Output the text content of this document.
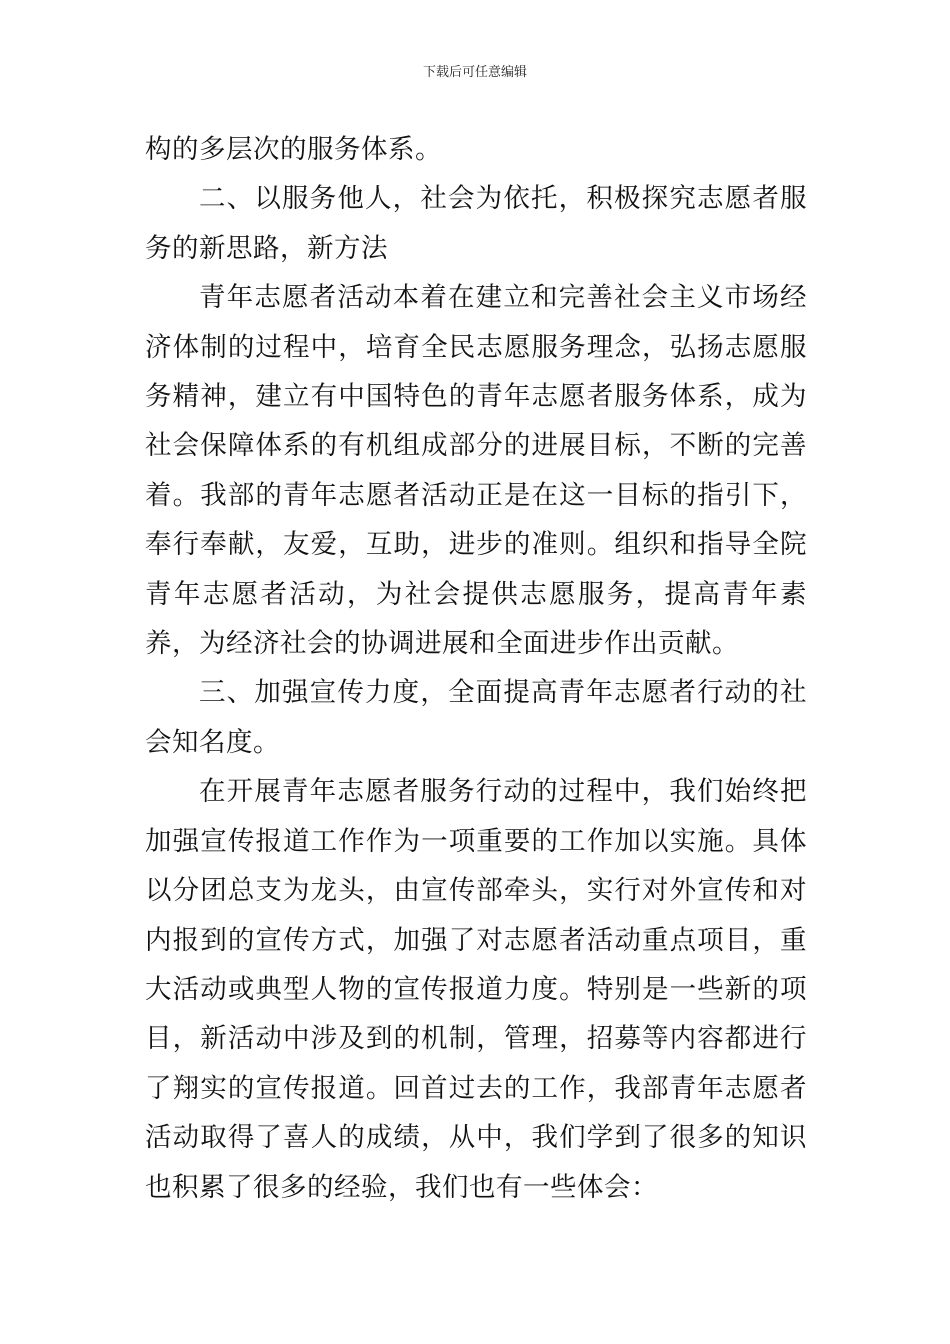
下载后可任意编辑

构的多层次的服务体系。

二、以服务他人，社会为依托，积极探究志愿者服务的新思路，新方法

青年志愿者活动本着在建立和完善社会主义市场经济体制的过程中，培育全民志愿服务理念，弘扬志愿服务精神，建立有中国特色的青年志愿者服务体系，成为社会保障体系的有机组成部分的进展目标，不断的完善着。我部的青年志愿者活动正是在这一目标的指引下，奉行奉献，友爱，互助，进步的准则。组织和指导全院青年志愿者活动，为社会提供志愿服务，提高青年素养，为经济社会的协调进展和全面进步作出贡献。

三、加强宣传力度，全面提高青年志愿者行动的社会知名度。

在开展青年志愿者服务行动的过程中，我们始终把加强宣传报道工作作为一项重要的工作加以实施。具体以分团总支为龙头，由宣传部牵头，实行对外宣传和对内报到的宣传方式，加强了对志愿者活动重点项目，重大活动或典型人物的宣传报道力度。特别是一些新的项目，新活动中涉及到的机制，管理，招募等内容都进行了翔实的宣传报道。回首过去的工作，我部青年志愿者活动取得了喜人的成绩，从中，我们学到了很多的知识也积累了很多的经验，我们也有一些体会：
